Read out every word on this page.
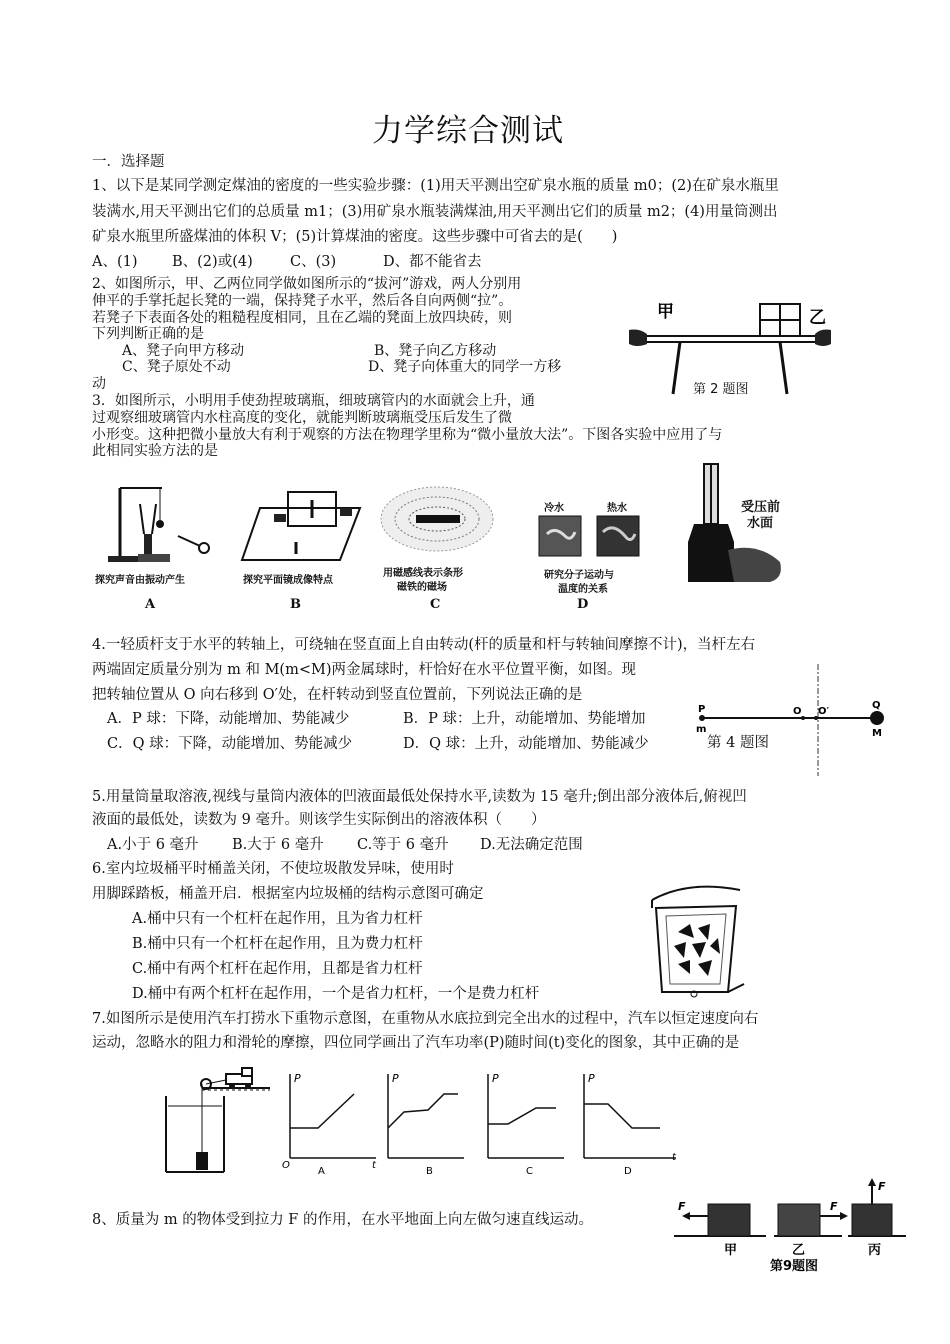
力学综合测试
一．选择题
1、以下是某同学测定煤油的密度的一些实验步骤：(1)用天平测出空矿泉水瓶的质量 m0；(2)在矿泉水瓶里
装满水,用天平测出它们的总质量 m1；(3)用矿泉水瓶装满煤油,用天平测出它们的质量 m2；(4)用量筒测出
矿泉水瓶里所盛煤油的体积 V；(5)计算煤油的密度。这些步骤中可省去的是(　　)
A、(1) B、(2)或(4)	C、(3)	D、都不能省去
2、如图所示，甲、乙两位同学做如图所示的“拔河”游戏，两人分别用
伸平的手掌托起长凳的一端，保持凳子水平，然后各自向两侧“拉”。
若凳子下表面各处的粗糙程度相同，且在乙端的凳面上放四块砖，则
下列判断正确的是
A、凳子向甲方移动	B、凳子向乙方移动
C、凳子原处不动	D、凳子向体重大的同学一方移
动
甲	乙
第 2 题图
3．如图所示，小明用手使劲捏玻璃瓶，细玻璃管内的水面就会上升，通
过观察细玻璃管内水柱高度的变化，就能判断玻璃瓶受压后发生了微
小形变。这种把微小量放大有利于观察的方法在物理学里称为“微小量放大法”。下图各实验中应用了与
此相同实验方法的是
探究声音由振动产生
A
探究平面镜成像特点
B
用磁感线表示条形
磁铁的磁场
C
冷水	热水
研究分子运动与
温度的关系
D
受压前
水面
4.一轻质杆支于水平的转轴上，可绕轴在竖直面上自由转动(杆的质量和杆与转轴间摩擦不计)，当杆左右
两端固定质量分别为 m 和 M(m<M)两金属球时，杆恰好在水平位置平衡，如图。现
把转轴位置从 O 向右移到 O′处，在杆转动到竖直位置前，下列说法正确的是
A．P 球：下降，动能增加、势能减少	B．P 球：上升，动能增加、势能增加
C．Q 球：下降，动能增加、势能减少	D．Q 球：上升，动能增加、势能减少
P
m
O O′
Q
M
第 4 题图
5.用量筒量取溶液,视线与量筒内液体的凹液面最低处保持水平,读数为 15 毫升;倒出部分液体后,俯视凹
液面的最低处，读数为 9 毫升。则该学生实际倒出的溶液体积（　　）
A.小于 6 毫升 B.大于 6 毫升 C.等于 6 毫升 D.无法确定范围
6.室内垃圾桶平时桶盖关闭，不使垃圾散发异味，使用时
用脚踩踏板，桶盖开启．根据室内垃圾桶的结构示意图可确定
A.桶中只有一个杠杆在起作用，且为省力杠杆
B.桶中只有一个杠杆在起作用，且为费力杠杆
C.桶中有两个杠杆在起作用，且都是省力杠杆
D.桶中有两个杠杆在起作用，一个是省力杠杆，一个是费力杠杆
7.如图所示是使用汽车打捞水下重物示意图，在重物从水底拉到完全出水的过程中，汽车以恒定速度向右
运动，忽略水的阻力和滑轮的摩擦，四位同学画出了汽车功率(P)随时间(t)变化的图象，其中正确的是
P
O	t
A
P
B
P
C
P
t
D
8、质量为 m 的物体受到拉力 F 的作用，在水平地面上向左做匀速直线运动。
F
甲
F
乙
F
丙
第9题图
